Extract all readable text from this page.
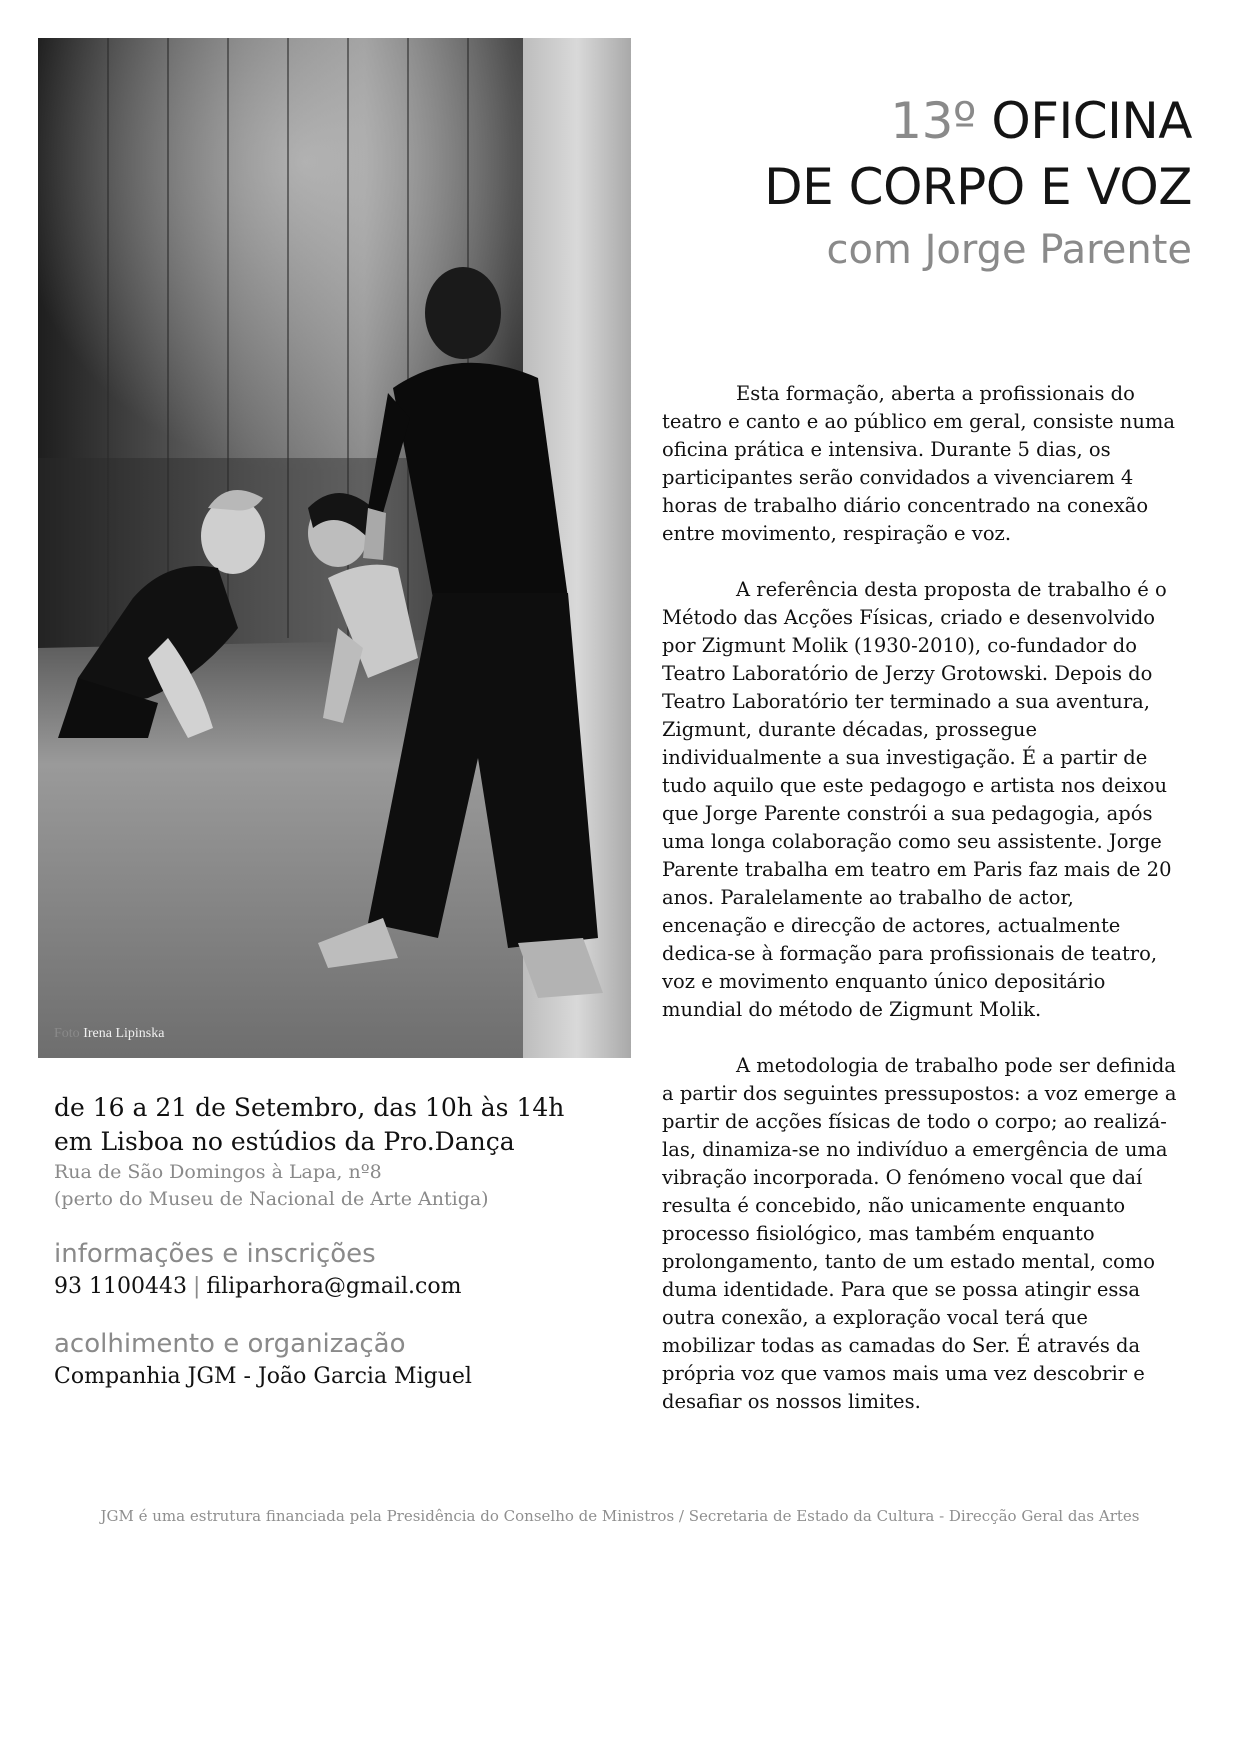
Foto Irena Lipinska
13º OFICINA
DE CORPO E VOZ
com Jorge Parente

Esta formação, aberta a profissionais do teatro e canto e ao público em geral, consiste numa oficina prática e intensiva. Durante 5 dias, os participantes serão convidados a vivenciarem 4 horas de trabalho diário concentrado na conexão entre movimento, respiração e voz.

A referência desta proposta de trabalho é o Método das Acções Físicas, criado e desenvolvido por Zigmunt Molik (1930-2010), co-fundador do Teatro Laboratório de Jerzy Grotowski. Depois do Teatro Laboratório ter terminado a sua aventura, Zigmunt, durante décadas, prossegue individualmente a sua investigação. É a partir de tudo aquilo que este pedagogo e artista nos deixou que Jorge Parente constrói a sua pedagogia, após uma longa colaboração como seu assistente. Jorge Parente trabalha em teatro em Paris faz mais de 20 anos. Paralelamente ao trabalho de actor, encenação e direcção de actores, actualmente dedica-se à formação para profissionais de teatro, voz e movimento enquanto único depositário mundial do método de Zigmunt Molik.

A metodologia de trabalho pode ser definida a partir dos seguintes pressupostos: a voz emerge a partir de acções físicas de todo o corpo; ao realizá-las, dinamiza-se no indivíduo a emergência de uma vibração incorporada. O fenómeno vocal que daí resulta é concebido, não unicamente enquanto processo fisiológico, mas também enquanto prolongamento, tanto de um estado mental, como duma identidade. Para que se possa atingir essa outra conexão, a exploração vocal terá que mobilizar todas as camadas do Ser. É através da própria voz que vamos mais uma vez descobrir e desafiar os nossos limites.

de 16 a 21 de Setembro, das 10h às 14h
em Lisboa no estúdios da Pro.Dança
Rua de São Domingos à Lapa, nº8
(perto do Museu de Nacional de Arte Antiga)
informações e inscrições
93 1100443 | filiparhora@gmail.com
acolhimento e organização
Companhia JGM - João Garcia Miguel
JGM é uma estrutura financiada pela Presidência do Conselho de Ministros / Secretaria de Estado da Cultura - Direcção Geral das Artes
